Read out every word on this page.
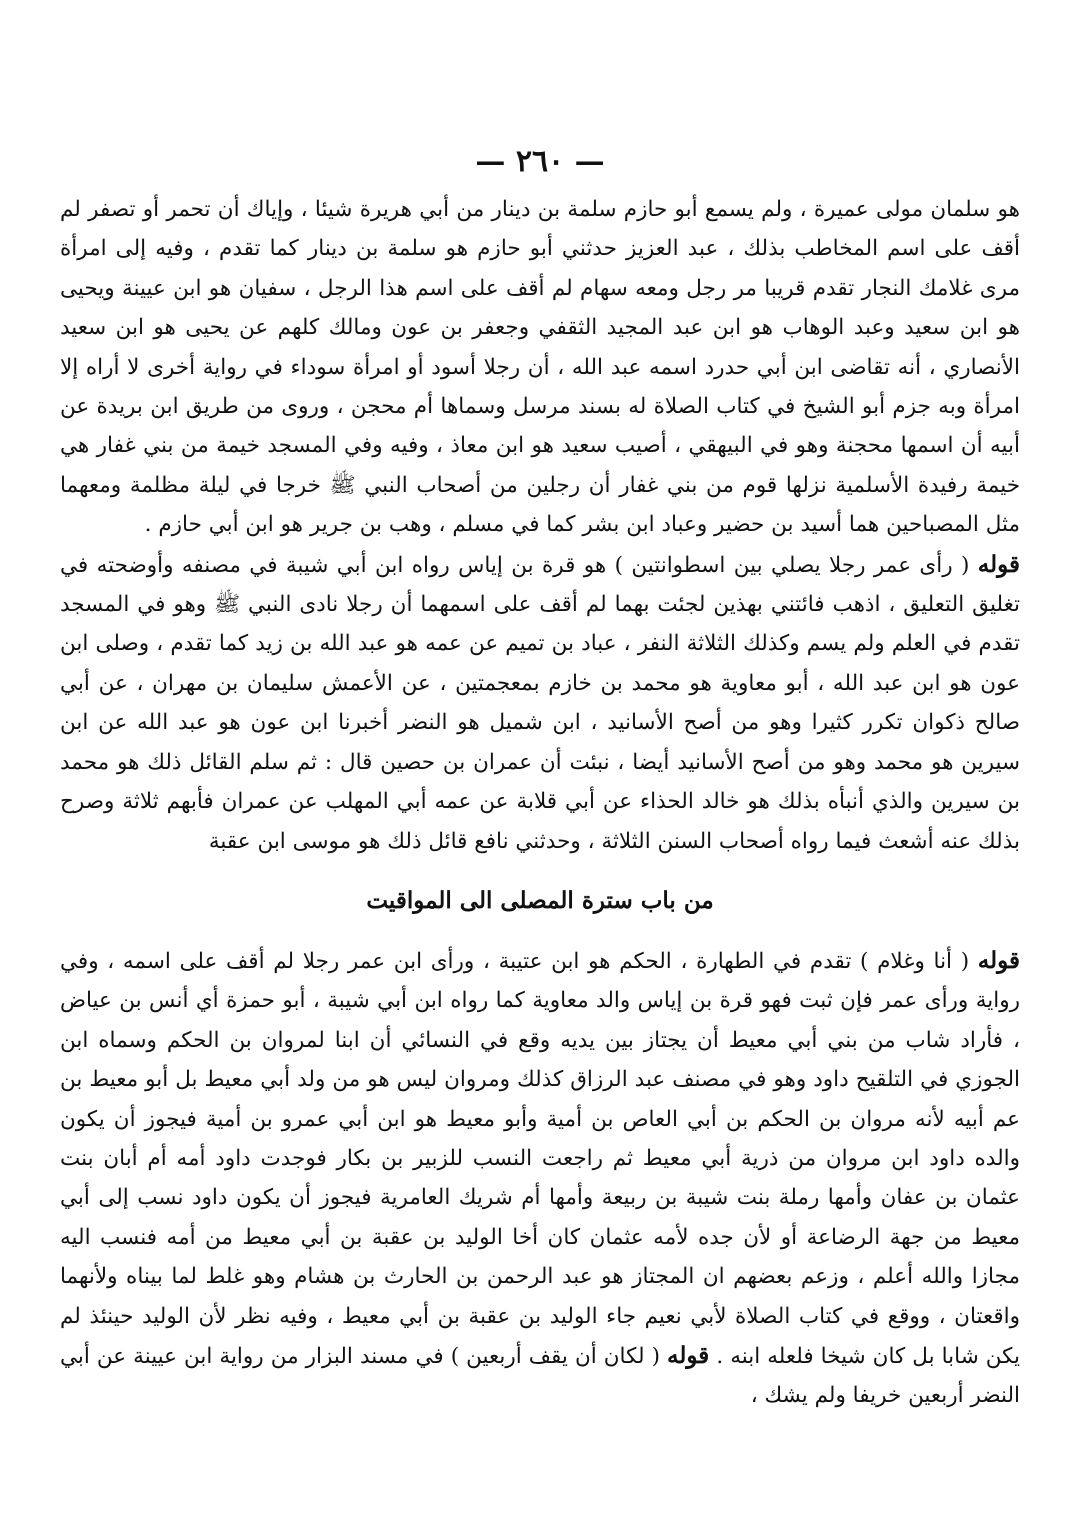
— ٢٦٠ —

هو سلمان مولى عميرة ، ولم يسمع أبو حازم سلمة بن دينار من أبي هريرة شيئا ، وإياك أن تحمر أو تصفر لم أقف على اسم المخاطب بذلك ، عبد العزيز حدثني أبو حازم هو سلمة بن دينار كما تقدم ، وفيه إلى امرأة مرى غلامك النجار تقدم قريبا مر رجل ومعه سهام لم أقف على اسم هذا الرجل ، سفيان هو ابن عيينة ويحيى هو ابن سعيد وعبد الوهاب هو ابن عبد المجيد الثقفي وجعفر بن عون ومالك كلهم عن يحيى هو ابن سعيد الأنصاري ، أنه تقاضى ابن أبي حدرد اسمه عبد الله ، أن رجلا أسود أو امرأة سوداء في رواية أخرى لا أراه إلا امرأة وبه جزم أبو الشيخ في كتاب الصلاة له بسند مرسل وسماها أم محجن ، وروى من طريق ابن بريدة عن أبيه أن اسمها محجنة وهو في البيهقي ، أصيب سعيد هو ابن معاذ ، وفيه وفي المسجد خيمة من بني غفار هي خيمة رفيدة الأسلمية نزلها قوم من بني غفار أن رجلين من أصحاب النبي ﷺ خرجا في ليلة مظلمة ومعهما مثل المصباحين هما أسيد بن حضير وعباد ابن بشر كما في مسلم ، وهب بن جرير هو ابن أبي حازم .

قوله ( رأى عمر رجلا يصلي بين اسطوانتين ) هو قرة بن إياس رواه ابن أبي شيبة في مصنفه وأوضحته في تغليق التعليق ، اذهب فائتني بهذين لجئت بهما لم أقف على اسمهما أن رجلا نادى النبي ﷺ وهو في المسجد تقدم في العلم ولم يسم وكذلك الثلاثة النفر ، عباد بن تميم عن عمه هو عبد الله بن زيد كما تقدم ، وصلى ابن عون هو ابن عبد الله ، أبو معاوية هو محمد بن خازم بمعجمتين ، عن الأعمش سليمان بن مهران ، عن أبي صالح ذكوان تكرر كثيرا وهو من أصح الأسانيد ، ابن شميل هو النضر أخبرنا ابن عون هو عبد الله عن ابن سيرين هو محمد وهو من أصح الأسانيد أيضا ، نبئت أن عمران بن حصين قال : ثم سلم القائل ذلك هو محمد بن سيرين والذي أنبأه بذلك هو خالد الحذاء عن أبي قلابة عن عمه أبي المهلب عن عمران فأبهم ثلاثة وصرح بذلك عنه أشعث فيما رواه أصحاب السنن الثلاثة ، وحدثني نافع قائل ذلك هو موسى ابن عقبة

من باب سترة المصلى الى المواقيت

قوله ( أنا وغلام ) تقدم في الطهارة ، الحكم هو ابن عتيبة ، ورأى ابن عمر رجلا لم أقف على اسمه ، وفي رواية ورأى عمر فإن ثبت فهو قرة بن إياس والد معاوية كما رواه ابن أبي شيبة ، أبو حمزة أي أنس بن عياض ، فأراد شاب من بني أبي معيط أن يجتاز بين يديه وقع في النسائي أن ابنا لمروان بن الحكم وسماه ابن الجوزي في التلقيح داود وهو في مصنف عبد الرزاق كذلك ومروان ليس هو من ولد أبي معيط بل أبو معيط بن عم أبيه لأنه مروان بن الحكم بن أبي العاص بن أمية وأبو معيط هو ابن أبي عمرو بن أمية فيجوز أن يكون والده داود ابن مروان من ذرية أبي معيط ثم راجعت النسب للزبير بن بكار فوجدت داود أمه أم أبان بنت عثمان بن عفان وأمها رملة بنت شيبة بن ربيعة وأمها أم شريك العامرية فيجوز أن يكون داود نسب إلى أبي معيط من جهة الرضاعة أو لأن جده لأمه عثمان كان أخا الوليد بن عقبة بن أبي معيط من أمه فنسب اليه مجازا والله أعلم ، وزعم بعضهم ان المجتاز هو عبد الرحمن بن الحارث بن هشام وهو غلط لما بيناه ولأنهما واقعتان ، ووقع في كتاب الصلاة لأبي نعيم جاء الوليد بن عقبة بن أبي معيط ، وفيه نظر لأن الوليد حينئذ لم يكن شابا بل كان شيخا فلعله ابنه . قوله ( لكان أن يقف أربعين ) في مسند البزار من رواية ابن عيينة عن أبي النضر أربعين خريفا ولم يشك ،
